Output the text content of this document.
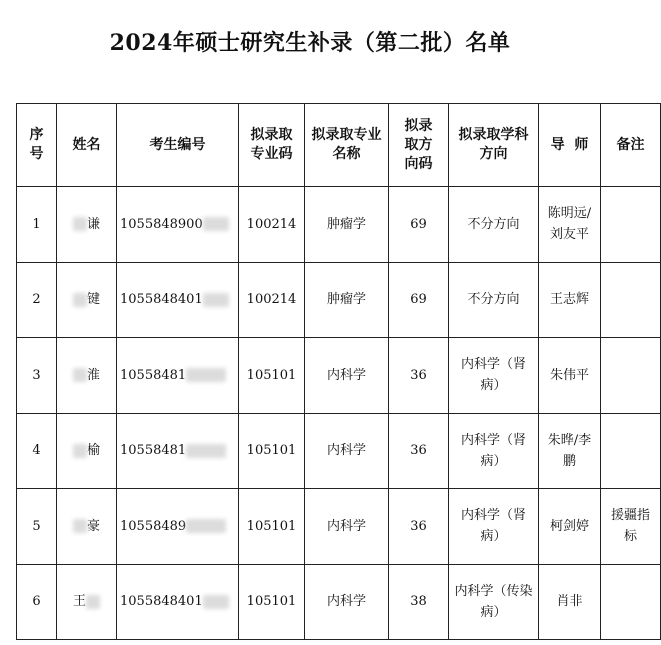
2024年硕士研究生补录（第二批）名单
序号	姓名	考生编号	拟录取专业码	拟录取专业名称	拟录取方向码	拟录取学科方向	导  师	备注
1	谦	1055848900	100214	肿瘤学	69	不分方向	陈明远/刘友平	
2	键	1055848401	100214	肿瘤学	69	不分方向	王志辉	
3	淮	10558481	105101	内科学	36	内科学（肾病）	朱伟平	
4	榆	10558481	105101	内科学	36	内科学（肾病）	朱晔/李鹏	
5	豪	10558489	105101	内科学	36	内科学（肾病）	柯剑婷	援疆指标
6	王	1055848401	105101	内科学	38	内科学（传染病）	肖非	
